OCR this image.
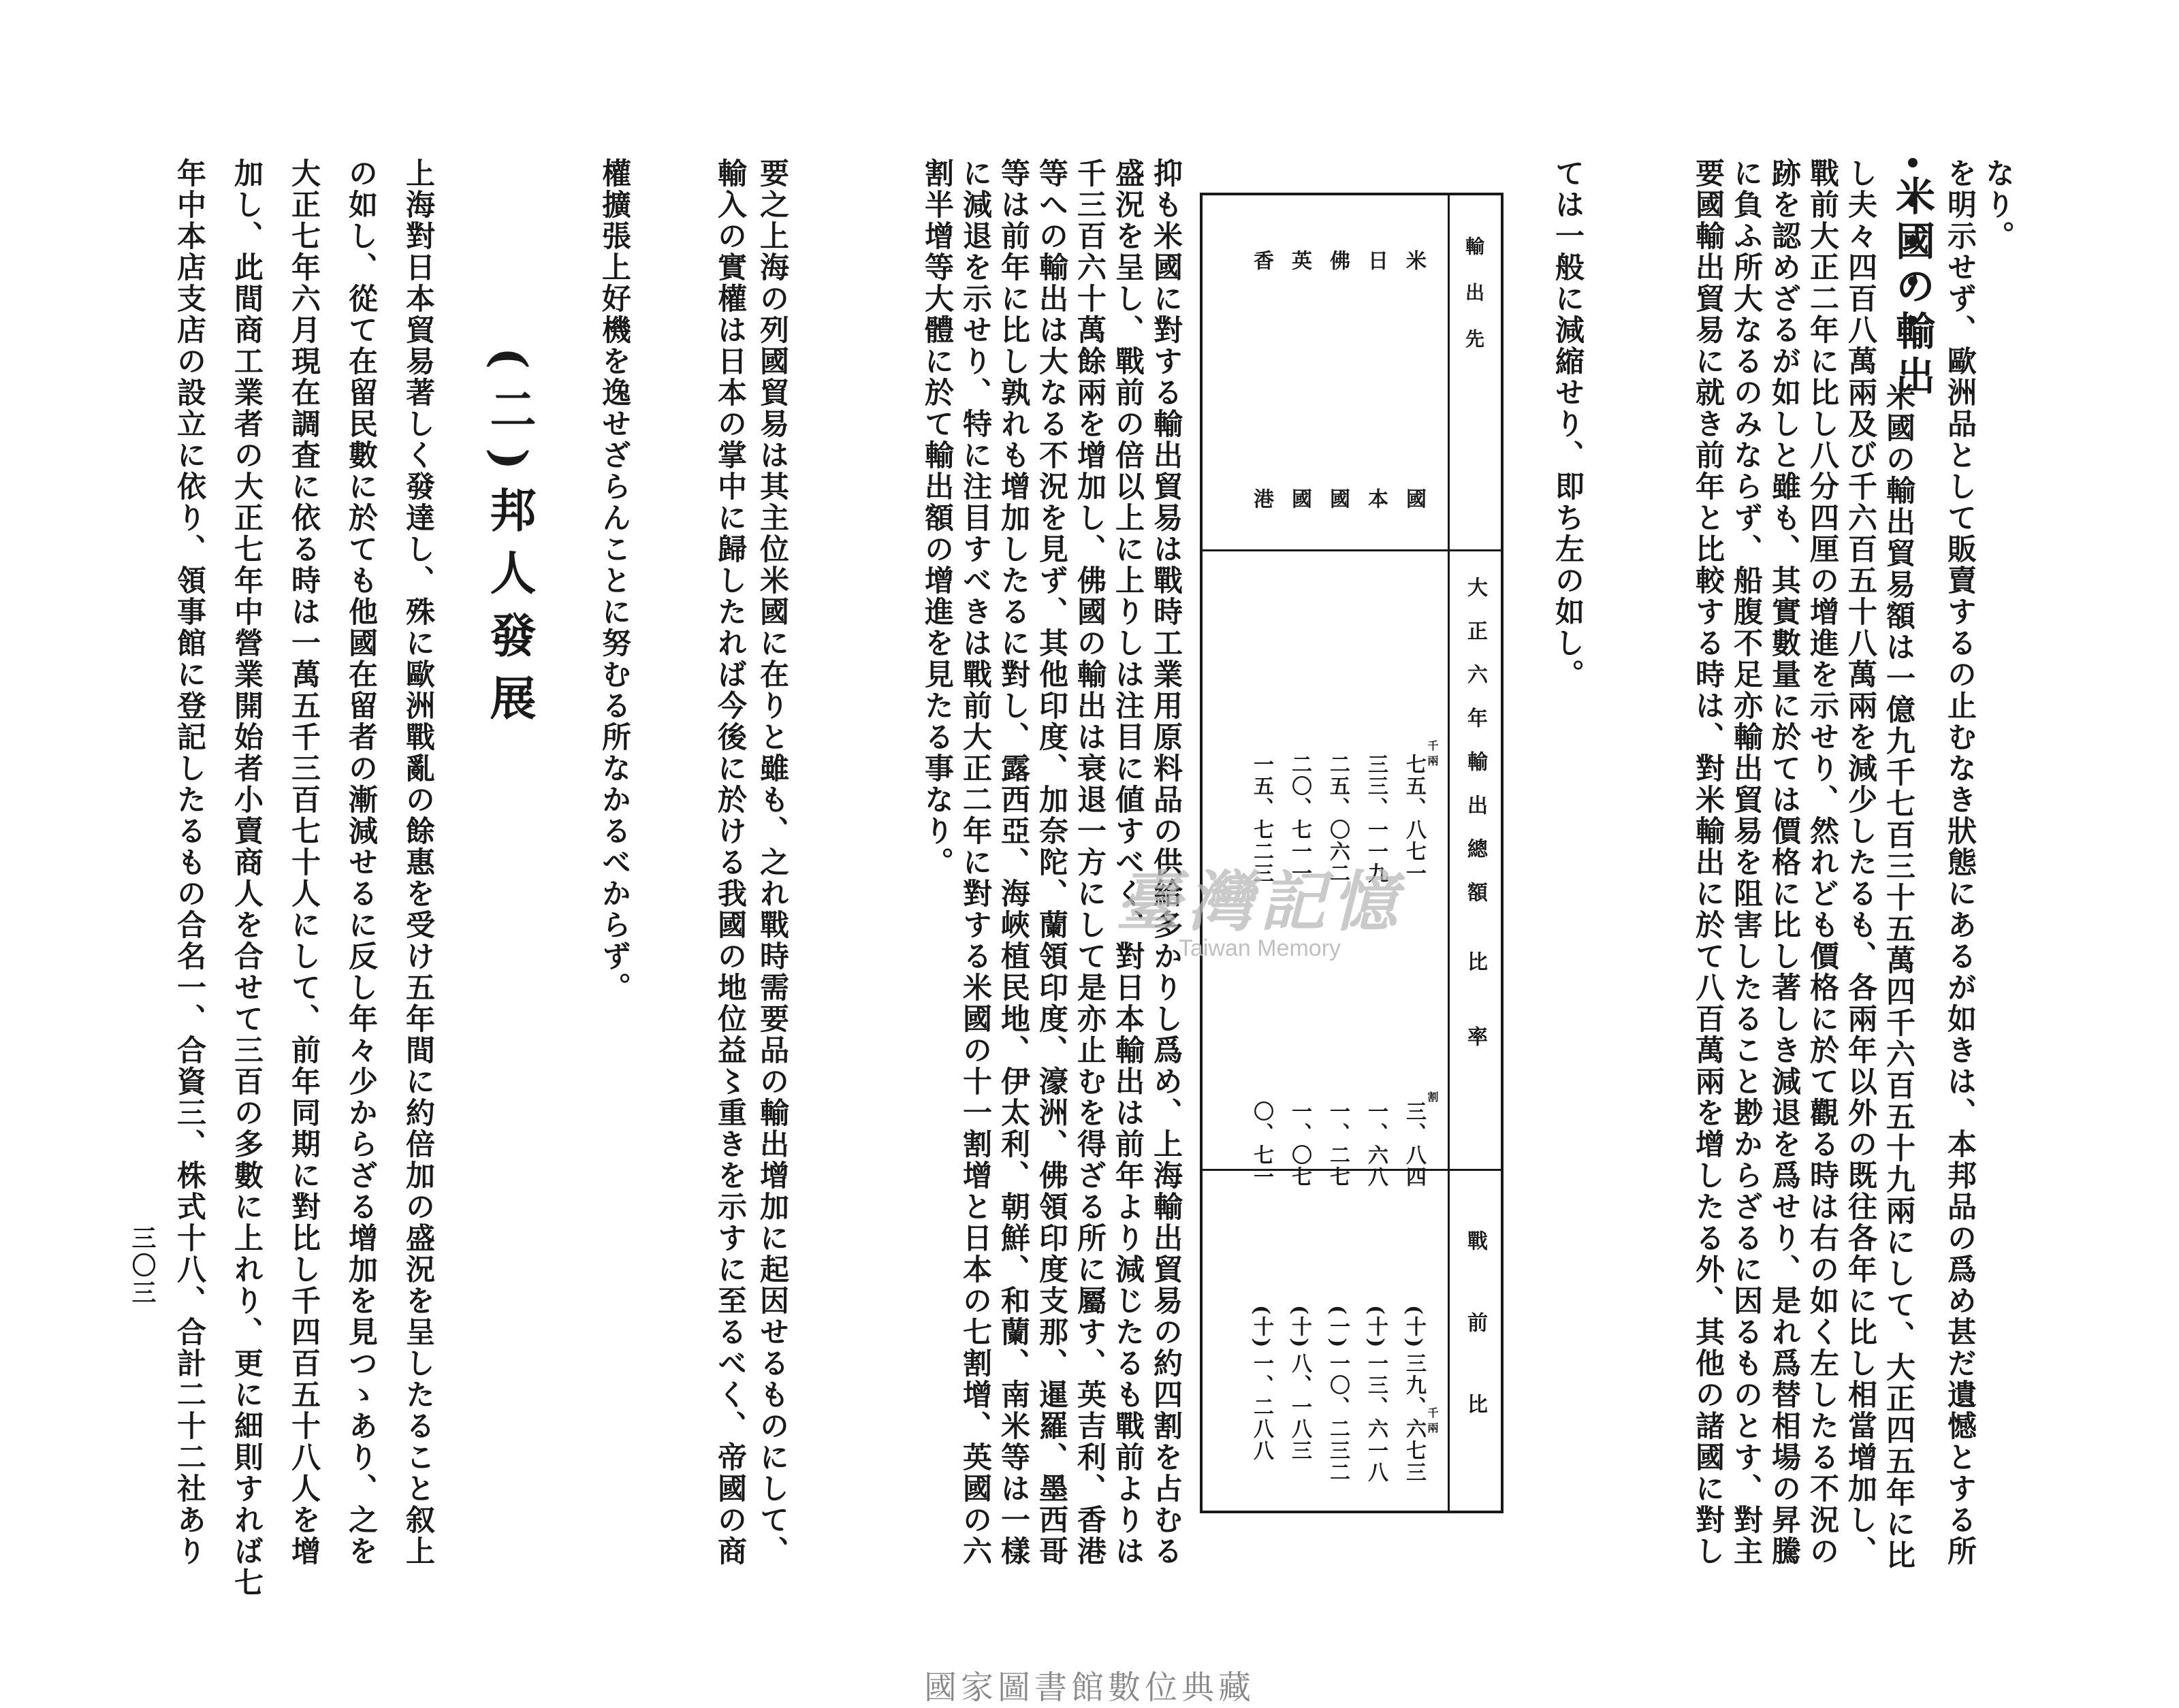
なり。
を明示せず、歐洲品として販賣するの止むなき狀態にあるが如きは、本邦品の爲め甚だ遺憾とする所
米國の輸出
米國の輸出貿易額は一億九千七百三十五萬四千六百五十九兩にして、大正四五年に比
し夫々四百八萬兩及び千六百五十八萬兩を減少したるも、各兩年以外の既往各年に比し相當增加し、
戰前大正二年に比し八分四厘の增進を示せり、然れども價格に於て觀る時は右の如く左したる不況の
跡を認めざるが如しと雖も、其實數量に於ては價格に比し著しき減退を爲せり、是れ爲替相場の昇騰
に負ふ所大なるのみならず、船腹不足亦輸出貿易を阻害したること尠からざるに因るものとす、對主
要國輸出貿易に就き前年と比較する時は、對米輸出に於て八百萬兩を增したる外、其他の諸國に對し
ては一般に減縮せり、即ち左の如し。
輸出先
大正六年輸出總額
比率
戰前比
米國
日本
佛國
英國
香港
千兩
割
千兩
七五、八七一
三三、一一九
二五、〇六二
二〇、七一一
一五、七二三
三、八四
一、六八
一、二七
一、〇七
〇、七一
(十)
(十)
(一)
(十)
(十)
三九、六七三
一三、六一八
一〇、二三二
八、一八三
一、二八八
抑も米國に對する輸出貿易は戰時工業用原料品の供給多かりし爲め、上海輸出貿易の約四割を占むる
盛況を呈し、戰前の倍以上に上りしは注目に値すべく、對日本輸出は前年より減じたるも戰前よりは
千三百六十萬餘兩を增加し、佛國の輸出は衰退一方にして是亦止むを得ざる所に屬す、英吉利、香港
等への輸出は大なる不況を見ず、其他印度、加奈陀、蘭領印度、濠洲、佛領印度支那、暹羅、墨西哥
等は前年に比し孰れも增加したるに對し、露西亞、海峽植民地、伊太利、朝鮮、和蘭、南米等は一樣
に減退を示せり、特に注目すべきは戰前大正二年に對する米國の十一割增と日本の七割增、英國の六
割半增等大體に於て輸出額の增進を見たる事なり。
要之上海の列國貿易は其主位米國に在りと雖も、之れ戰時需要品の輸出增加に起因せるものにして、
輸入の實權は日本の掌中に歸したれば今後に於ける我國の地位益〻重きを示すに至るべく、帝國の商
權擴張上好機を逸せざらんことに努むる所なかるべからず。
(二)邦人發展
上海對日本貿易著しく發達し、殊に歐洲戰亂の餘惠を受け五年間に約倍加の盛況を呈したること叙上
の如し、從て在留民數に於ても他國在留者の漸減せるに反し年々少からざる增加を見つゝあり、之を
大正七年六月現在調査に依る時は一萬五千三百七十人にして、前年同期に對比し千四百五十八人を增
加し、此間商工業者の大正七年中營業開始者小賣商人を合せて三百の多數に上れり、更に細則すれば七
年中本店支店の設立に依り、領事館に登記したるもの合名一、合資三、株式十八、合計二十二社あり
三〇三
臺灣記憶
Taiwan Memory
國家圖書館數位典藏
